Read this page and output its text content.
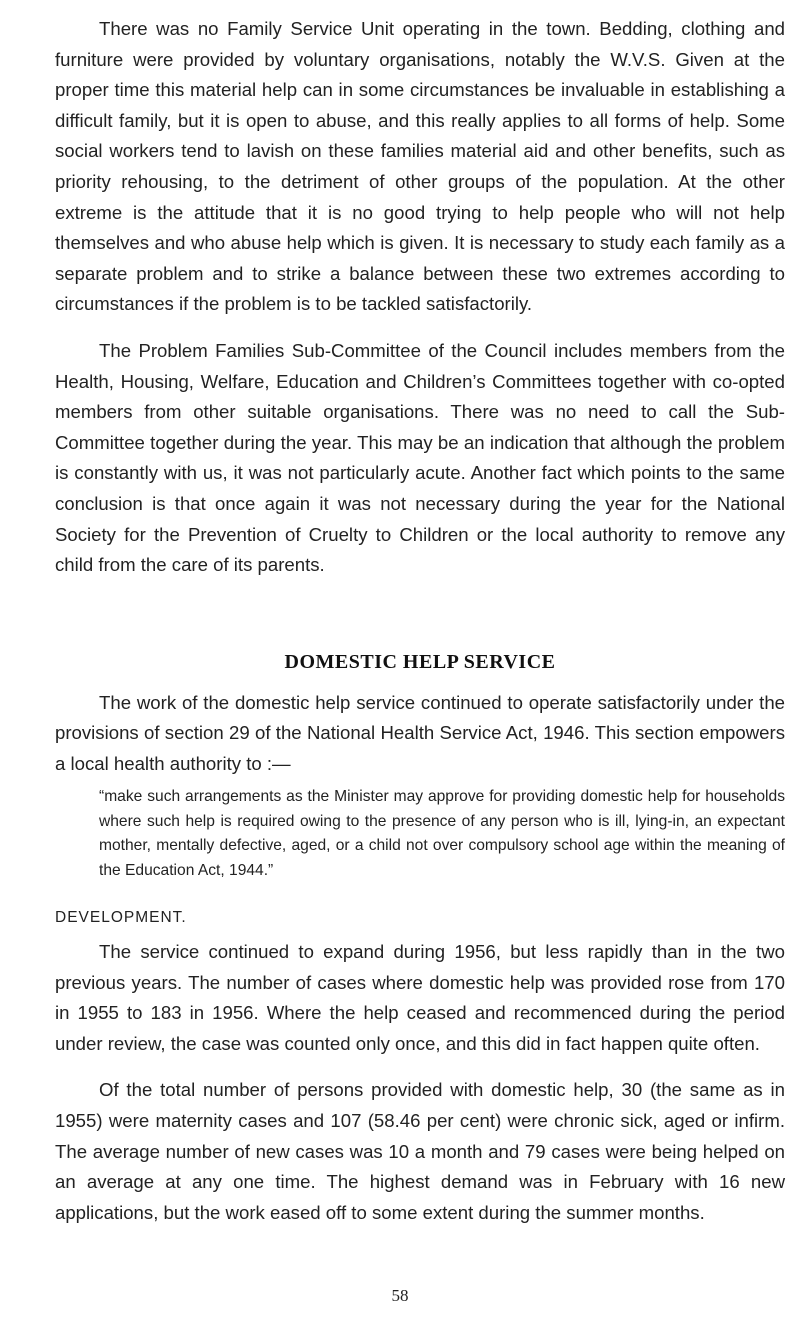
There was no Family Service Unit operating in the town. Bedding, clothing and furniture were provided by voluntary organisations, notably the W.V.S. Given at the proper time this material help can in some circumstances be invaluable in establishing a difficult family, but it is open to abuse, and this really applies to all forms of help. Some social workers tend to lavish on these families material aid and other benefits, such as priority rehousing, to the detriment of other groups of the population. At the other extreme is the attitude that it is no good trying to help people who will not help themselves and who abuse help which is given. It is necessary to study each family as a separate problem and to strike a balance between these two extremes according to circumstances if the problem is to be tackled satisfactorily.

The Problem Families Sub-Committee of the Council includes members from the Health, Housing, Welfare, Education and Children’s Committees together with co-opted members from other suitable organisations. There was no need to call the Sub-Committee together during the year. This may be an indication that although the problem is constantly with us, it was not particularly acute. Another fact which points to the same conclusion is that once again it was not necessary during the year for the National Society for the Prevention of Cruelty to Children or the local authority to remove any child from the care of its parents.

DOMESTIC HELP SERVICE

The work of the domestic help service continued to operate satisfactorily under the provisions of section 29 of the National Health Service Act, 1946. This section empowers a local health authority to :—

“make such arrangements as the Minister may approve for providing domestic help for households where such help is required owing to the presence of any person who is ill, lying-in, an expectant mother, mentally defective, aged, or a child not over compulsory school age within the meaning of the Education Act, 1944.”

DEVELOPMENT.

The service continued to expand during 1956, but less rapidly than in the two previous years. The number of cases where domestic help was provided rose from 170 in 1955 to 183 in 1956. Where the help ceased and recommenced during the period under review, the case was counted only once, and this did in fact happen quite often.

Of the total number of persons provided with domestic help, 30 (the same as in 1955) were maternity cases and 107 (58.46 per cent) were chronic sick, aged or infirm. The average number of new cases was 10 a month and 79 cases were being helped on an average at any one time. The highest demand was in February with 16 new applications, but the work eased off to some extent during the summer months.

58
